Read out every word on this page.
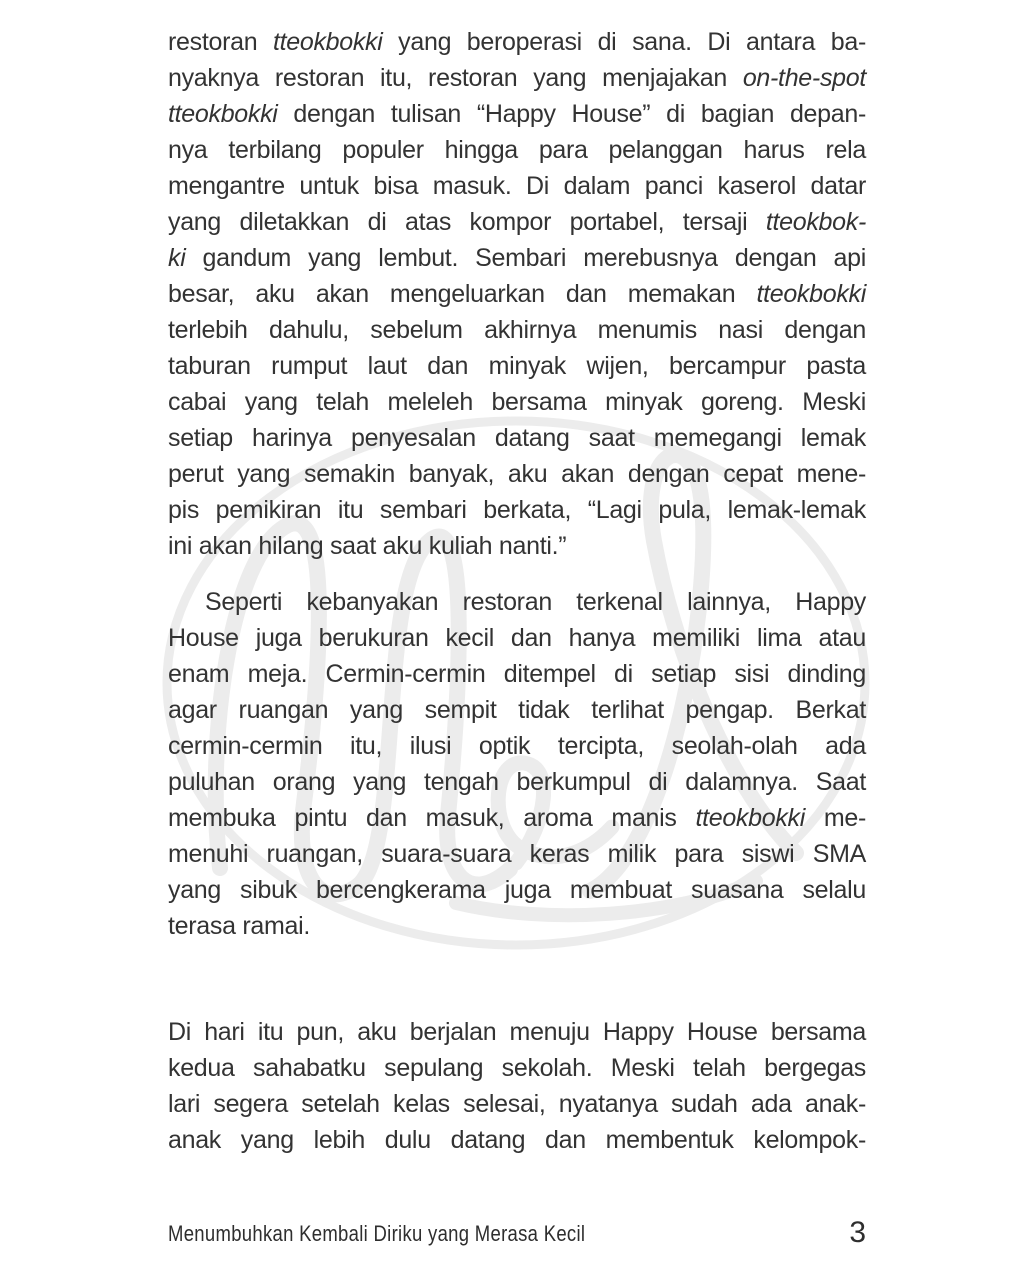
restoran tteokbokki yang beroperasi di sana. Di antara ba-
nyaknya restoran itu, restoran yang menjajakan on-the-spot
tteokbokki dengan tulisan “Happy House” di bagian depan-
nya terbilang populer hingga para pelanggan harus rela
mengantre untuk bisa masuk. Di dalam panci kaserol datar
yang diletakkan di atas kompor portabel, tersaji tteokbok-
ki gandum yang lembut. Sembari merebusnya dengan api
besar, aku akan mengeluarkan dan memakan tteokbokki
terlebih dahulu, sebelum akhirnya menumis nasi dengan
taburan rumput laut dan minyak wijen, bercampur pasta
cabai yang telah meleleh bersama minyak goreng. Meski
setiap harinya penyesalan datang saat memegangi lemak
perut yang semakin banyak, aku akan dengan cepat mene-
pis pemikiran itu sembari berkata, “Lagi pula, lemak-lemak
ini akan hilang saat aku kuliah nanti.”
Seperti kebanyakan restoran terkenal lainnya, Happy
House juga berukuran kecil dan hanya memiliki lima atau
enam meja. Cermin-cermin ditempel di setiap sisi dinding
agar ruangan yang sempit tidak terlihat pengap. Berkat
cermin-cermin itu, ilusi optik tercipta, seolah-olah ada
puluhan orang yang tengah berkumpul di dalamnya. Saat
membuka pintu dan masuk, aroma manis tteokbokki me-
menuhi ruangan, suara-suara keras milik para siswi SMA
yang sibuk bercengkerama juga membuat suasana selalu
terasa ramai.
Di hari itu pun, aku berjalan menuju Happy House bersama
kedua sahabatku sepulang sekolah. Meski telah bergegas
lari segera setelah kelas selesai, nyatanya sudah ada anak-
anak yang lebih dulu datang dan membentuk kelompok-
Menumbuhkan Kembali Diriku yang Merasa Kecil	3
